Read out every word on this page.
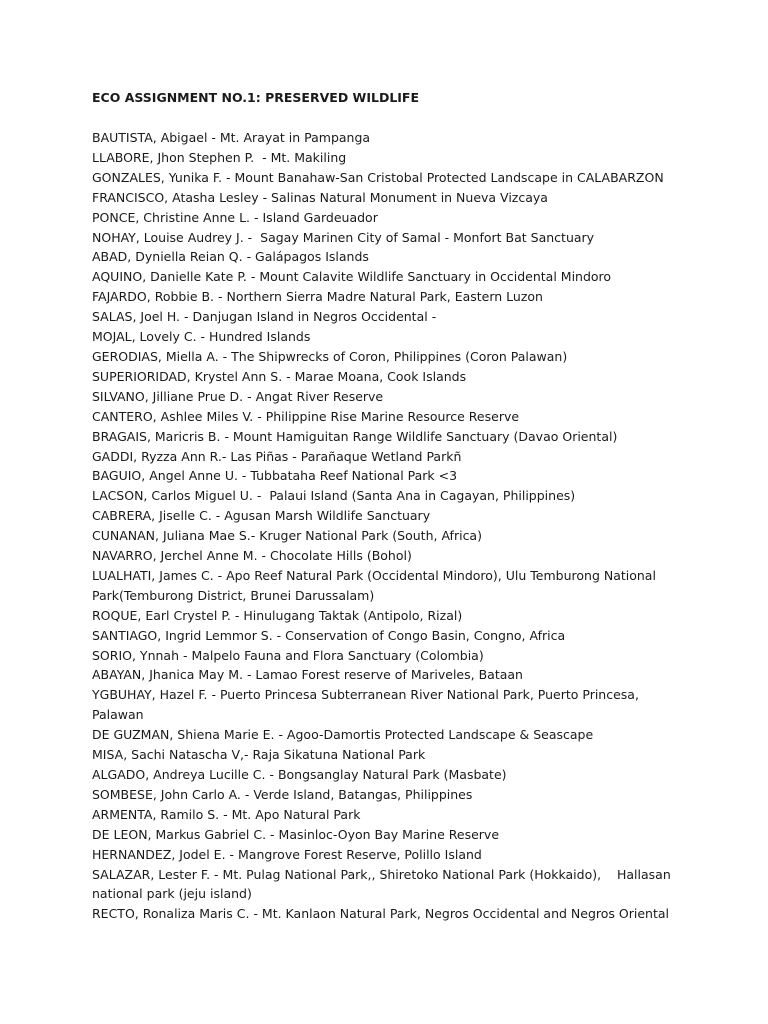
ECO ASSIGNMENT NO.1: PRESERVED WILDLIFE
BAUTISTA, Abigael - Mt. Arayat in Pampanga
LLABORE, Jhon Stephen P.  - Mt. Makiling
GONZALES, Yunika F. - Mount Banahaw-San Cristobal Protected Landscape in CALABARZON
FRANCISCO, Atasha Lesley - Salinas Natural Monument in Nueva Vizcaya
PONCE, Christine Anne L. - Island Gardeuador
NOHAY, Louise Audrey J. -  Sagay Marinen City of Samal - Monfort Bat Sanctuary
ABAD, Dyniella Reian Q. - Galápagos Islands
AQUINO, Danielle Kate P. - Mount Calavite Wildlife Sanctuary in Occidental Mindoro
FAJARDO, Robbie B. - Northern Sierra Madre Natural Park, Eastern Luzon
SALAS, Joel H. - Danjugan Island in Negros Occidental -
MOJAL, Lovely C. - Hundred Islands
GERODIAS, Miella A. - The Shipwrecks of Coron, Philippines (Coron Palawan)
SUPERIORIDAD, Krystel Ann S. - Marae Moana, Cook Islands
SILVANO, Jilliane Prue D. - Angat River Reserve
CANTERO, Ashlee Miles V. - Philippine Rise Marine Resource Reserve
BRAGAIS, Maricris B. - Mount Hamiguitan Range Wildlife Sanctuary (Davao Oriental)
GADDI, Ryzza Ann R.- Las Piñas - Parañaque Wetland Parkñ
BAGUIO, Angel Anne U. - Tubbataha Reef National Park <3
LACSON, Carlos Miguel U. -  Palaui Island (Santa Ana in Cagayan, Philippines)
CABRERA, Jiselle C. - Agusan Marsh Wildlife Sanctuary
CUNANAN, Juliana Mae S.- Kruger National Park (South, Africa)
NAVARRO, Jerchel Anne M. - Chocolate Hills (Bohol)
LUALHATI, James C. - Apo Reef Natural Park (Occidental Mindoro), Ulu Temburong National Park(Temburong District, Brunei Darussalam)
ROQUE, Earl Crystel P. - Hinulugang Taktak (Antipolo, Rizal)
SANTIAGO, Ingrid Lemmor S. - Conservation of Congo Basin, Congno, Africa
SORIO, Ynnah - Malpelo Fauna and Flora Sanctuary (Colombia)
ABAYAN, Jhanica May M. - Lamao Forest reserve of Mariveles, Bataan
YGBUHAY, Hazel F. - Puerto Princesa Subterranean River National Park, Puerto Princesa, Palawan
DE GUZMAN, Shiena Marie E. - Agoo-Damortis Protected Landscape & Seascape
MISA, Sachi Natascha V,- Raja Sikatuna National Park
ALGADO, Andreya Lucille C. - Bongsanglay Natural Park (Masbate)
SOMBESE, John Carlo A. - Verde Island, Batangas, Philippines
ARMENTA, Ramilo S. - Mt. Apo Natural Park
DE LEON, Markus Gabriel C. - Masinloc-Oyon Bay Marine Reserve
HERNANDEZ, Jodel E. - Mangrove Forest Reserve, Polillo Island
SALAZAR, Lester F. - Mt. Pulag National Park,, Shiretoko National Park (Hokkaido),    Hallasan national park (jeju island)
RECTO, Ronaliza Maris C. - Mt. Kanlaon Natural Park, Negros Occidental and Negros Oriental
